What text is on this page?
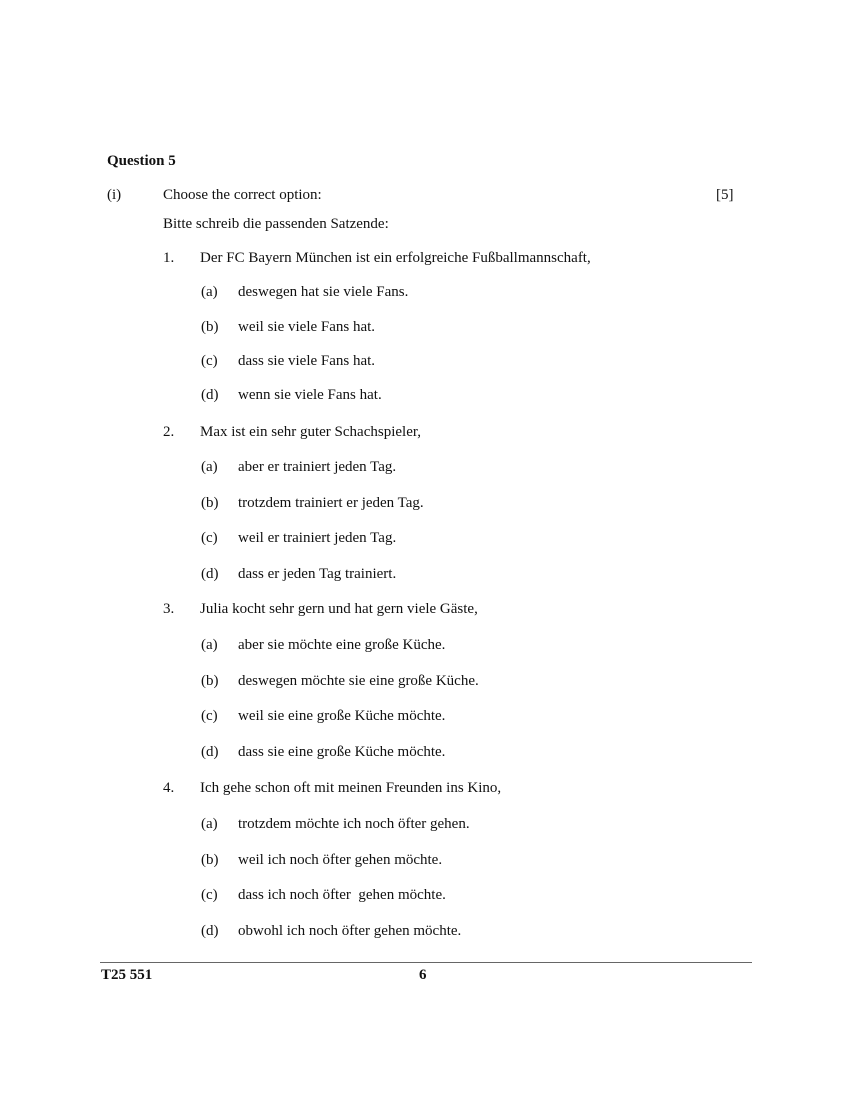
Question 5
(i)	Choose the correct option:	[5]
Bitte schreib die passenden Satzende:
1. Der FC Bayern München ist ein erfolgreiche Fußballmannschaft,
(a) deswegen hat sie viele Fans.
(b) weil sie viele Fans hat.
(c) dass sie viele Fans hat.
(d) wenn sie viele Fans hat.
2. Max ist ein sehr guter Schachspieler,
(a) aber er trainiert jeden Tag.
(b) trotzdem trainiert er jeden Tag.
(c) weil er trainiert jeden Tag.
(d) dass er jeden Tag trainiert.
3. Julia kocht sehr gern und hat gern viele Gäste,
(a) aber sie möchte eine große Küche.
(b) deswegen möchte sie eine große Küche.
(c) weil sie eine große Küche möchte.
(d) dass sie eine große Küche möchte.
4. Ich gehe schon oft mit meinen Freunden ins Kino,
(a) trotzdem möchte ich noch öfter gehen.
(b) weil ich noch öfter gehen möchte.
(c) dass ich noch öfter  gehen möchte.
(d) obwohl ich noch öfter gehen möchte.
T25 551	6
